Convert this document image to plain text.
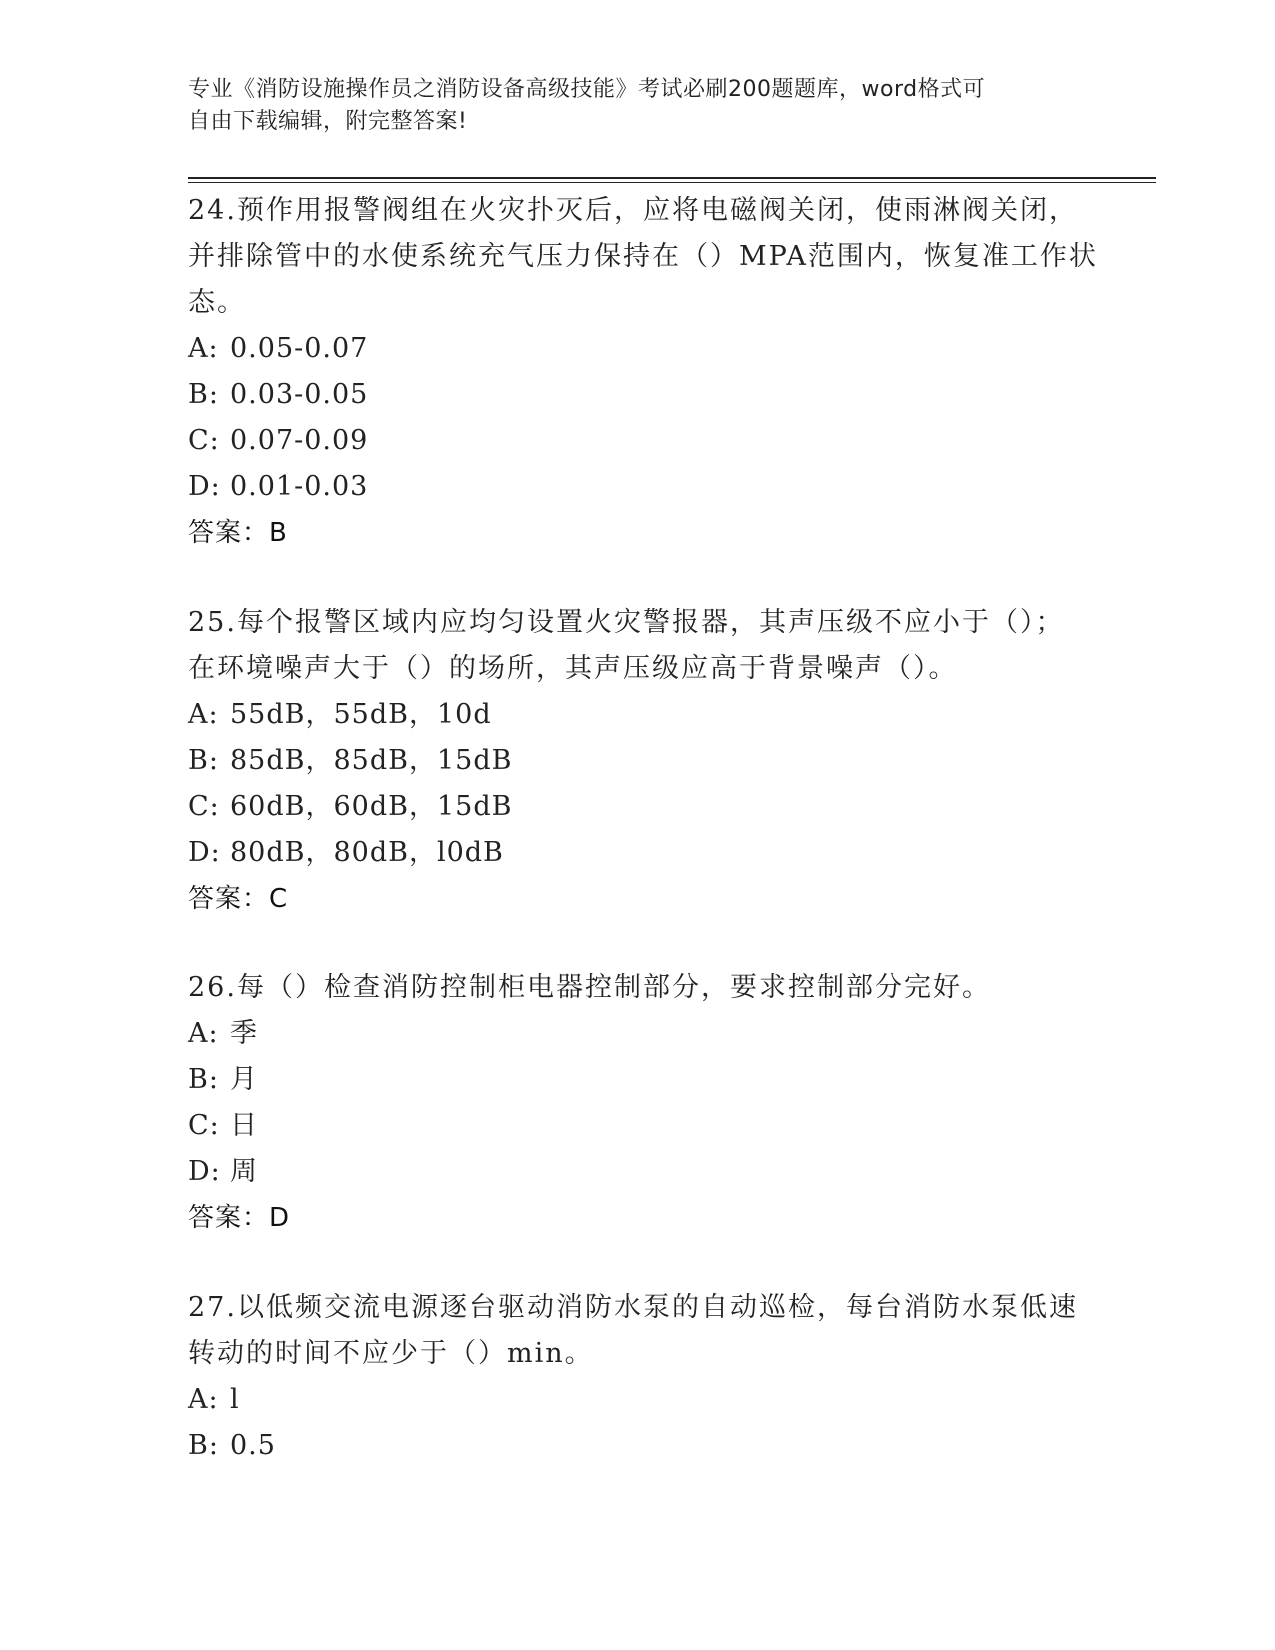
专业《消防设施操作员之消防设备高级技能》考试必刷200题题库，word格式可
自由下载编辑，附完整答案!
24.预作用报警阀组在火灾扑灭后，应将电磁阀关闭，使雨淋阀关闭，
并排除管中的水使系统充气压力保持在（）MPA范围内，恢复准工作状
态。
A: 0.05-0.07
B: 0.03-0.05
C: 0.07-0.09
D: 0.01-0.03
答案：B
25.每个报警区域内应均匀设置火灾警报器，其声压级不应小于（）；
在环境噪声大于（）的场所，其声压级应高于背景噪声（）。
A: 55dB，55dB，10d
B: 85dB，85dB，15dB
C: 60dB，60dB，15dB
D: 80dB，80dB，l0dB
答案：C
26.每（）检查消防控制柜电器控制部分，要求控制部分完好。
A: 季
B: 月
C: 日
D: 周
答案：D
27.以低频交流电源逐台驱动消防水泵的自动巡检，每台消防水泵低速
转动的时间不应少于（）min。
A: l
B: 0.5
